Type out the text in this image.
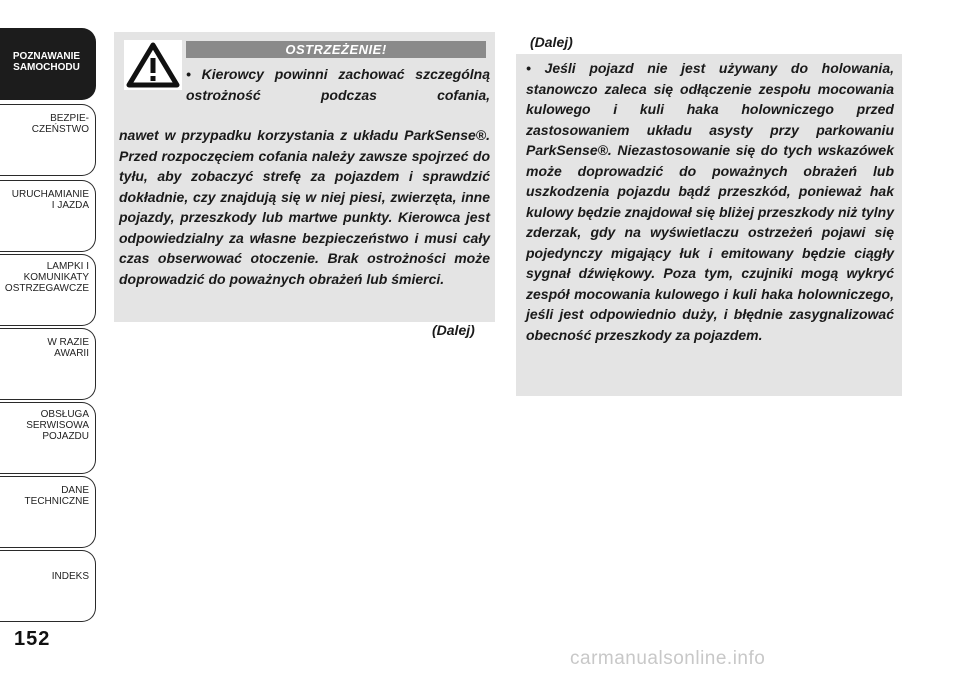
POZNAWANIE
SAMOCHODU
BEZPIE-
CZEŃSTWO
URUCHAMIANIE
I JAZDA
LAMPKI I
KOMUNIKATY
OSTRZEGAWCZE
W RAZIE
AWARII
OBSŁUGA
SERWISOWA
POJAZDU
DANE
TECHNICZNE
INDEKS
152
OSTRZEŻENIE!
• Kierowcy powinni zachować szczególną ostrożność podczas cofania,
nawet w przypadku korzystania z układu ParkSense®. Przed rozpoczęciem cofania należy zawsze spojrzeć do tyłu, aby zobaczyć strefę za pojazdem i sprawdzić dokładnie, czy znajdują się w niej piesi, zwierzęta, inne pojazdy, przeszkody lub martwe punkty. Kierowca jest odpowiedzialny za własne bezpieczeństwo i musi cały czas obserwować otoczenie. Brak ostrożności może doprowadzić do poważnych obrażeń lub śmierci.
(Dalej)
(Dalej)
• Jeśli pojazd nie jest używany do holowania, stanowczo zaleca się odłączenie zespołu mocowania kulowego i kuli haka holowniczego przed zastosowaniem układu asysty przy parkowaniu ParkSense®. Niezastosowanie się do tych wskazówek może doprowadzić do poważnych obrażeń lub uszkodzenia pojazdu bądź przeszkód, ponieważ hak kulowy będzie znajdował się bliżej przeszkody niż tylny zderzak, gdy na wyświetlaczu ostrzeżeń pojawi się pojedynczy migający łuk i emitowany będzie ciągły sygnał dźwiękowy. Poza tym, czujniki mogą wykryć zespół mocowania kulowego i kuli haka holowniczego, jeśli jest odpowiednio duży, i błędnie zasygnalizować obecność przeszkody za pojazdem.
carmanualsonline.info
